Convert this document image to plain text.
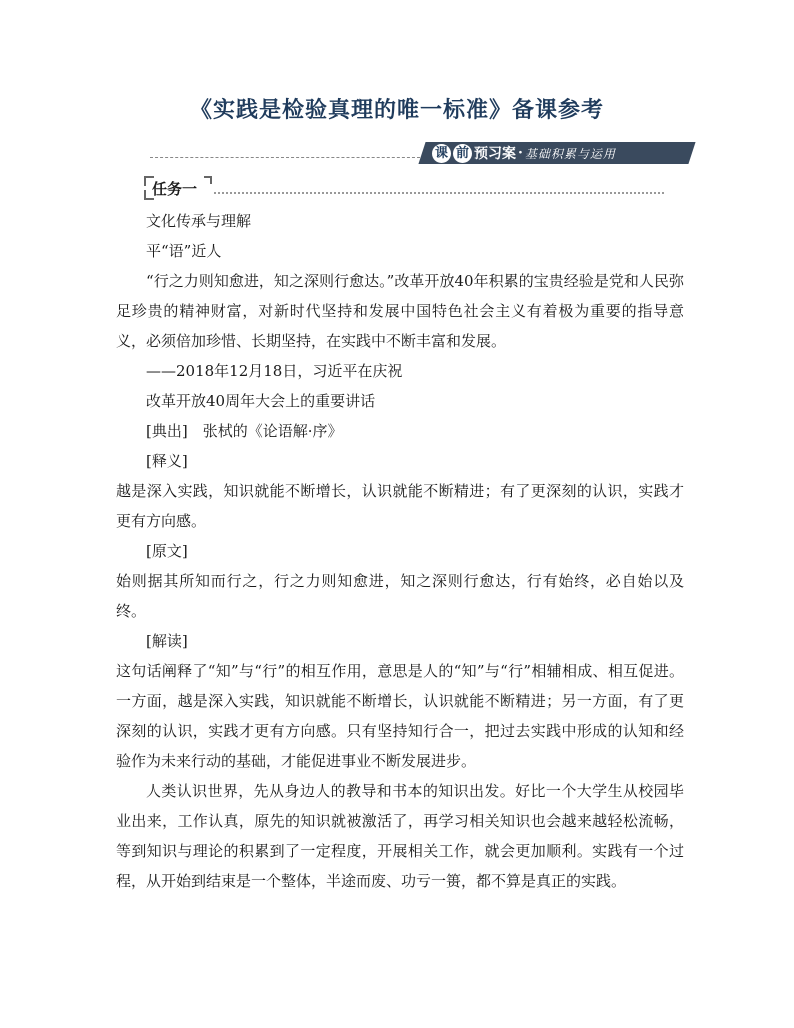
《实践是检验真理的唯一标准》备课参考
课 前 预习案 · 基础积累与运用
任务一

文化传承与理解

平“语”近人

“行之力则知愈进，知之深则行愈达。”改革开放40年积累的宝贵经验是党和人民弥足珍贵的精神财富，对新时代坚持和发展中国特色社会主义有着极为重要的指导意义，必须倍加珍惜、长期坚持，在实践中不断丰富和发展。

——2018年12月18日，习近平在庆祝

改革开放40周年大会上的重要讲话

[典出]　张栻的《论语解·序》

[释义]

越是深入实践，知识就能不断增长，认识就能不断精进；有了更深刻的认识，实践才更有方向感。

[原文]

始则据其所知而行之，行之力则知愈进，知之深则行愈达，行有始终，必自始以及终。

[解读]

这句话阐释了“知”与“行”的相互作用，意思是人的“知”与“行”相辅相成、相互促进。一方面，越是深入实践，知识就能不断增长，认识就能不断精进；另一方面，有了更深刻的认识，实践才更有方向感。只有坚持知行合一，把过去实践中形成的认知和经验作为未来行动的基础，才能促进事业不断发展进步。

人类认识世界，先从身边人的教导和书本的知识出发。好比一个大学生从校园毕业出来，工作认真，原先的知识就被激活了，再学习相关知识也会越来越轻松流畅，等到知识与理论的积累到了一定程度，开展相关工作，就会更加顺利。实践有一个过程，从开始到结束是一个整体，半途而废、功亏一篑，都不算是真正的实践。
